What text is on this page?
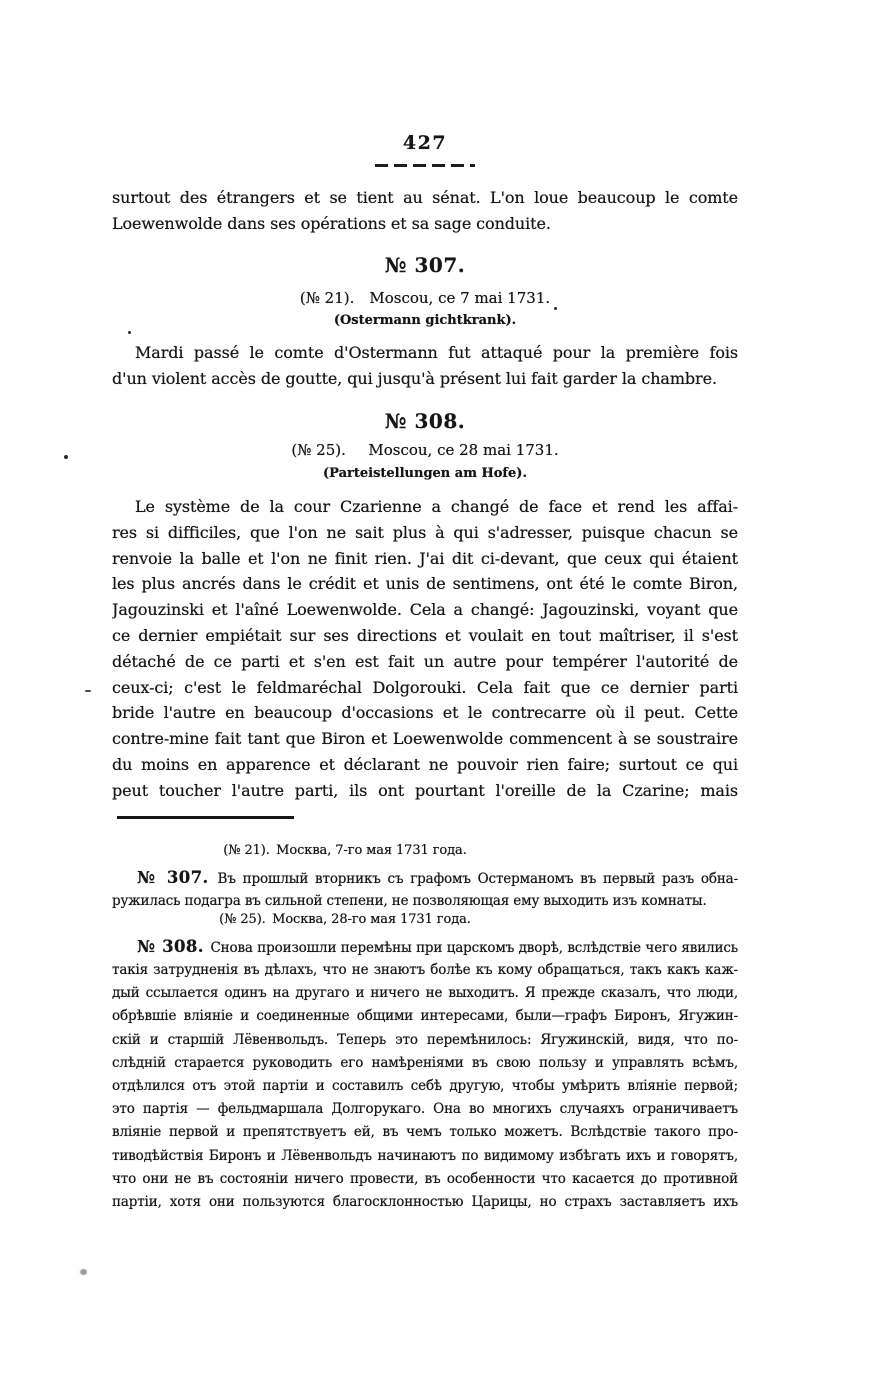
427
surtout des étrangers et se tient au sénat. L'on loue beaucoup le comte
Loewenwolde dans ses opérations et sa sage conduite.
№ 307.
(№ 21). Moscou, ce 7 mai 1731.
(Ostermann gichtkrank).
Mardi passé le comte d'Ostermann fut attaqué pour la première fois
d'un violent accès de goutte, qui jusqu'à présent lui fait garder la chambre.
№ 308.
(№ 25).  Moscou, ce 28 mai 1731.
(Parteistellungen am Hofe).
Le système de la cour Czarienne a changé de face et rend les affai-
res si difficiles, que l'on ne sait plus à qui s'adresser, puisque chacun se
renvoie la balle et l'on ne finit rien. J'ai dit ci-devant, que ceux qui étaient
les plus ancrés dans le crédit et unis de sentimens, ont été le comte Biron,
Jagouzinski et l'aîné Loewenwolde. Cela a changé: Jagouzinski, voyant que
ce dernier empiétait sur ses directions et voulait en tout maîtriser, il s'est
détaché de ce parti et s'en est fait un autre pour tempérer l'autorité de
ceux-ci; c'est le feldmaréchal Dolgorouki. Cela fait que ce dernier parti
bride l'autre en beaucoup d'occasions et le contrecarre où il peut. Cette
contre-mine fait tant que Biron et Loewenwolde commencent à se soustraire
du moins en apparence et déclarant ne pouvoir rien faire; surtout ce qui
peut toucher l'autre parti, ils ont pourtant l'oreille de la Czarine; mais
(№ 21). Москва, 7-го мая 1731 года.
№ 307. Въ прошлый вторникъ съ графомъ Остерманомъ въ первый разъ обна-
ружилась подагра въ сильной степени, не позволяющая ему выходить изъ комнаты.
(№ 25). Москва, 28-го мая 1731 года.
№ 308. Снова произошли перемѣны при царскомъ дворѣ, вслѣдствіе чего явились
такія затрудненія въ дѣлахъ, что не знаютъ болѣе къ кому обращаться, такъ какъ каж-
дый ссылается одинъ на другаго и ничего не выходитъ. Я прежде сказалъ, что люди,
обрѣвшіе вліяніе и соединенные общими интересами, были—графъ Биронъ, Ягужин-
скій и старшій Лёвенвольдъ. Теперь это перемѣнилось: Ягужинскій, видя, что по-
слѣдній старается руководить его намѣреніями въ свою пользу и управлять всѣмъ,
отдѣлился отъ этой партіи и составилъ себѣ другую, чтобы умѣрить вліяніе первой;
это партія — фельдмаршала Долгорукаго. Она во многихъ случаяхъ ограничиваетъ
вліяніе первой и препятствуетъ ей, въ чемъ только можетъ. Вслѣдствіе такого про-
тиводѣйствія Биронъ и Лёвенвольдъ начинаютъ по видимому избѣгать ихъ и говорятъ,
что они не въ состояніи ничего провести, въ особенности что касается до противной
партіи, хотя они пользуются благосклонностью Царицы, но страхъ заставляетъ ихъ
